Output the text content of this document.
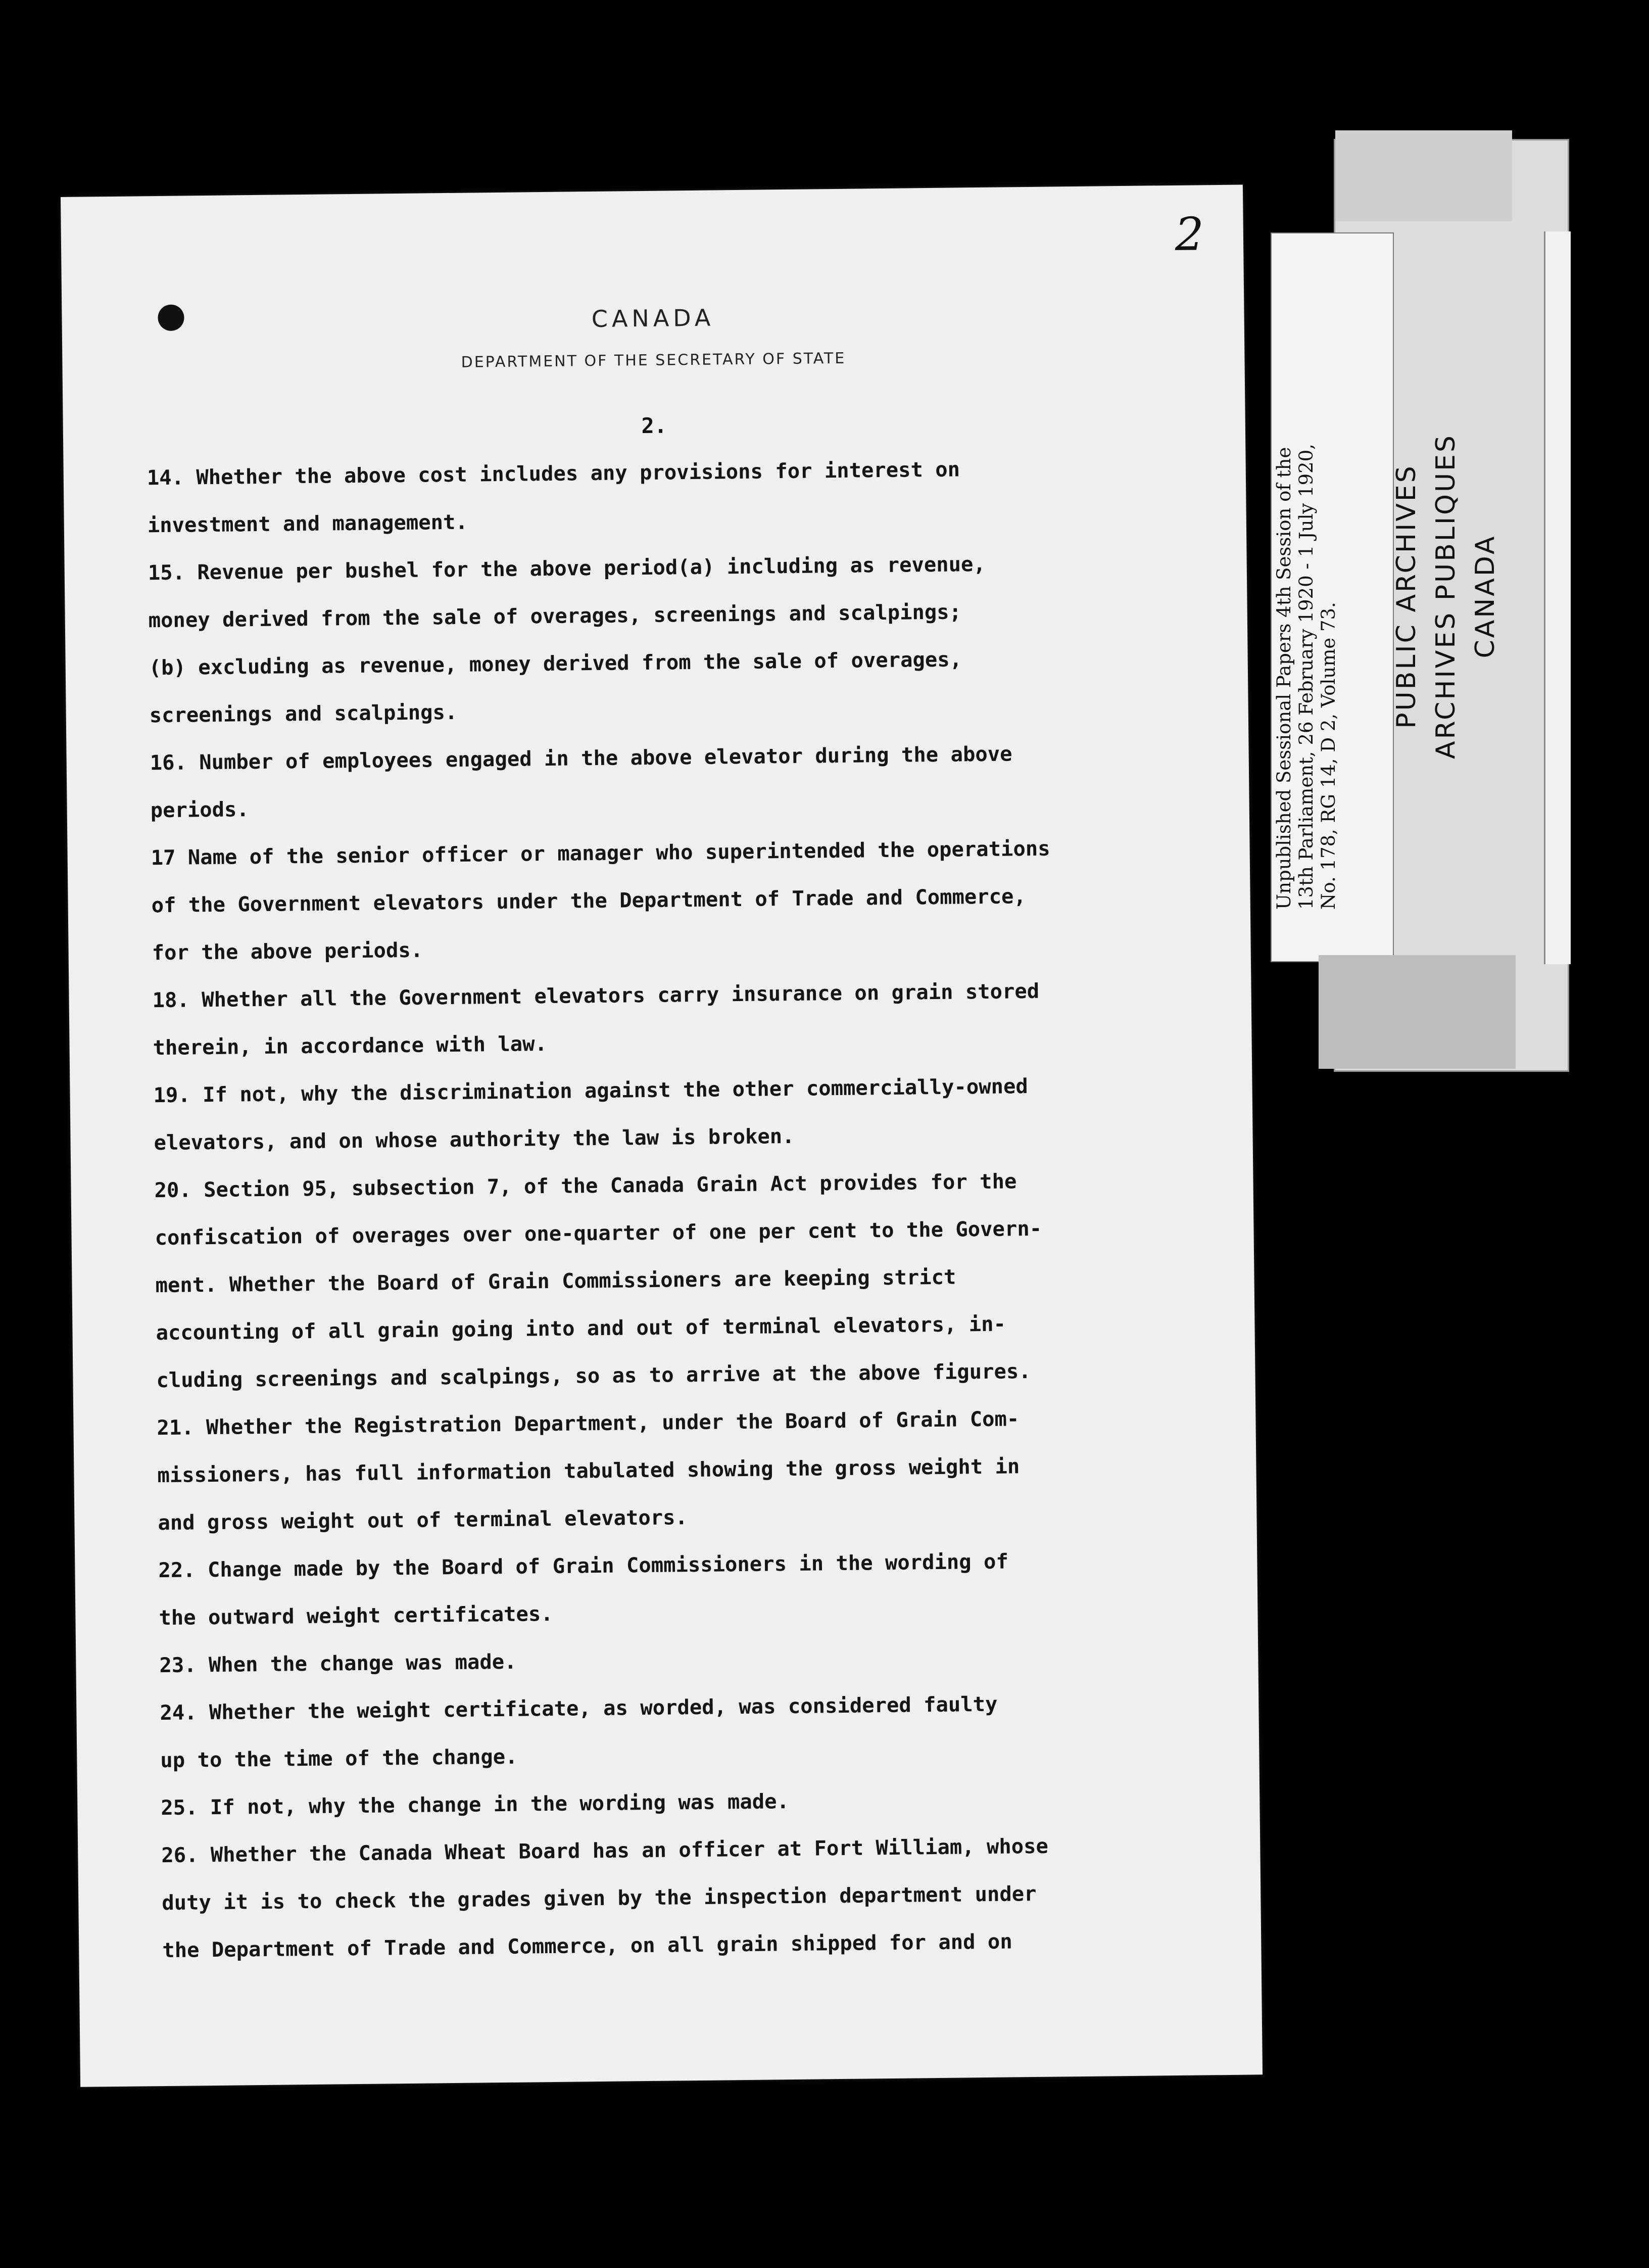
2
CANADA
DEPARTMENT OF THE SECRETARY OF STATE
2.
14. Whether the above cost includes any provisions for interest on
investment and management.
15. Revenue per bushel for the above period(a) including as revenue,
money derived from the sale of overages, screenings and scalpings;
(b) excluding as revenue, money derived from the sale of overages,
screenings and scalpings.
16. Number of employees engaged in the above elevator during the above
periods.
17 Name of the senior officer or manager who superintended the operations
of the Government elevators under the Department of Trade and Commerce,
for the above periods.
18. Whether all the Government elevators carry insurance on grain stored
therein, in accordance with law.
19. If not, why the discrimination against the other commercially-owned
elevators, and on whose authority the law is broken.
20. Section 95, subsection 7, of the Canada Grain Act provides for the
confiscation of overages over one-quarter of one per cent to the Govern-
ment. Whether the Board of Grain Commissioners are keeping strict
accounting of all grain going into and out of terminal elevators, in-
cluding screenings and scalpings, so as to arrive at the above figures.
21. Whether the Registration Department, under the Board of Grain Com-
missioners, has full information tabulated showing the gross weight in
and gross weight out of terminal elevators.
22. Change made by the Board of Grain Commissioners in the wording of
the outward weight certificates.
23. When the change was made.
24. Whether the weight certificate, as worded, was considered faulty
up to the time of the change.
25. If not, why the change in the wording was made.
26. Whether the Canada Wheat Board has an officer at Fort William, whose
duty it is to check the grades given by the inspection department under
the Department of Trade and Commerce, on all grain shipped for and on
Unpublished Sessional Papers 4th Session of the 13th Parliament, 26 February 1920 - 1 July 1920, No. 178, RG 14, D 2, Volume 73.
PUBLIC ARCHIVES ARCHIVES PUBLIQUES CANADA
